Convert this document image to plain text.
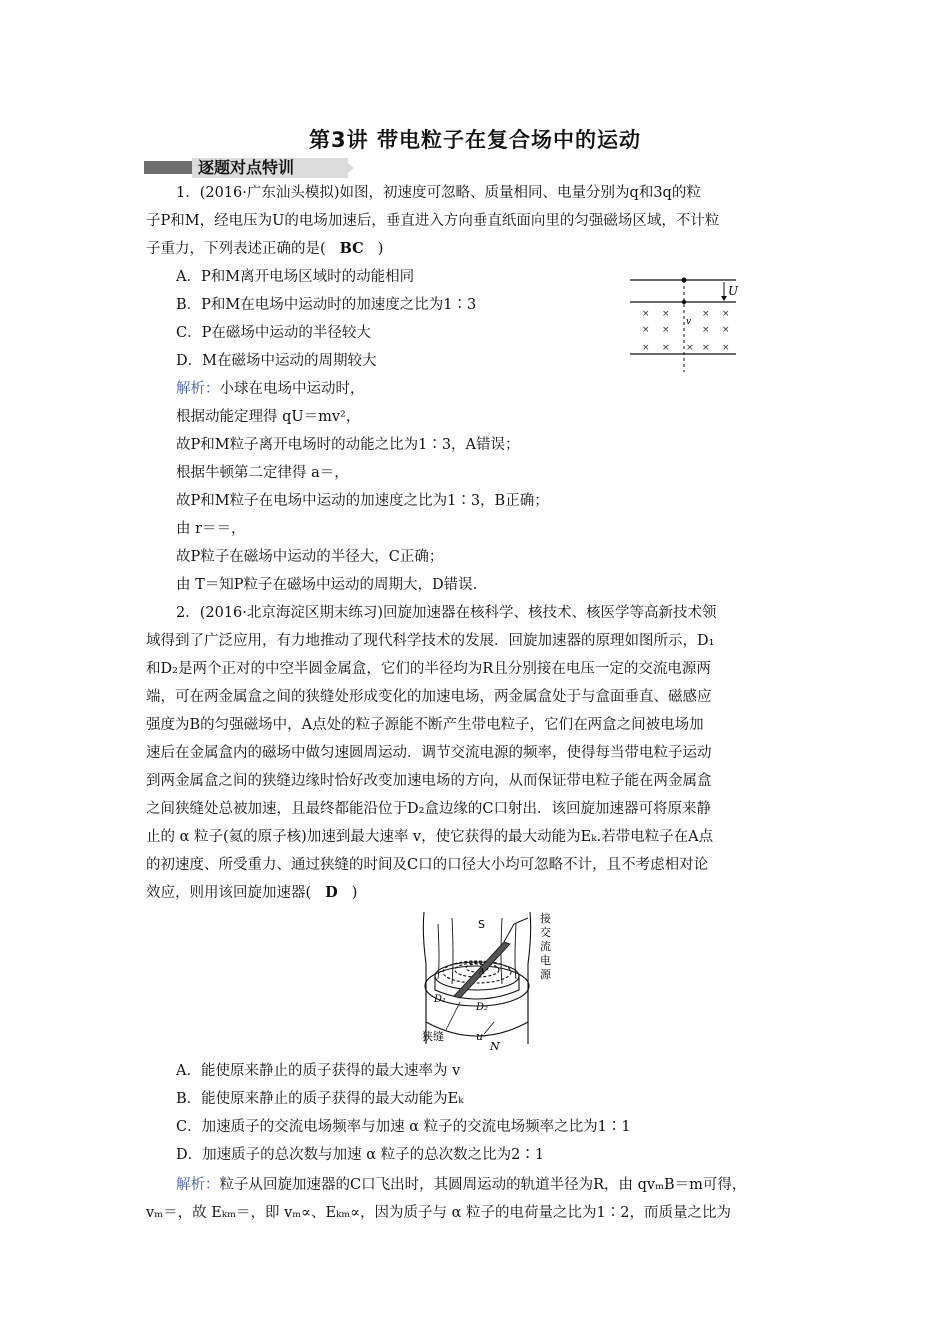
第3讲 带电粒子在复合场中的运动
逐题对点特训
1．(2016·广东汕头模拟)如图，初速度可忽略、质量相同、电量分别为q和3q的粒
子P和M，经电压为U的电场加速后，垂直进入方向垂直纸面向里的匀强磁场区域，不计粒
子重力，下列表述正确的是( BC )
A．P和M离开电场区域时的动能相同
B．P和M在电场中运动时的加速度之比为1∶3
C．P在磁场中运动的半径较大
D．M在磁场中运动的周期较大
解析：小球在电场中运动时，
根据动能定理得 qU＝mv²，
故P和M粒子离开电场时的动能之比为1∶3，A错误；
根据牛顿第二定律得 a＝，
故P和M粒子在电场中运动的加速度之比为1∶3，B正确；
由 r＝＝，
故P粒子在磁场中运动的半径大，C正确；
由 T＝知P粒子在磁场中运动的周期大，D错误.
U
v
× ×	× ×
× ×	× ×
× × × × ×
2．(2016·北京海淀区期末练习)回旋加速器在核科学、核技术、核医学等高新技术领
域得到了广泛应用，有力地推动了现代科学技术的发展．回旋加速器的原理如图所示，D₁
和D₂是两个正对的中空半圆金属盒，它们的半径均为R且分别接在电压一定的交流电源两
端，可在两金属盒之间的狭缝处形成变化的加速电场，两金属盒处于与盒面垂直、磁感应
强度为B的匀强磁场中，A点处的粒子源能不断产生带电粒子，它们在两盒之间被电场加
速后在金属盒内的磁场中做匀速圆周运动．调节交流电源的频率，使得每当带电粒子运动
到两金属盒之间的狭缝边缘时恰好改变加速电场的方向，从而保证带电粒子能在两金属盒
之间狭缝处总被加速，且最终都能沿位于D₂盒边缘的C口射出．该回旋加速器可将原来静
止的 α 粒子(氦的原子核)加速到最大速率 v，使它获得的最大动能为Eₖ.若带电粒子在A点
的初速度、所受重力、通过狭缝的时间及C口的口径大小均可忽略不计，且不考虑相对论
效应，则用该回旋加速器( D )
S	接
交
流
电
源
D₁
D₂
A
狭缝	u
N
A．能使原来静止的质子获得的最大速率为 v
B．能使原来静止的质子获得的最大动能为Eₖ
C．加速质子的交流电场频率与加速 α 粒子的交流电场频率之比为1∶1
D．加速质子的总次数与加速 α 粒子的总次数之比为2∶1
解析：粒子从回旋加速器的C口飞出时，其圆周运动的轨道半径为R，由 qvₘB＝m可得，
vₘ＝，故 Eₖₘ＝，即 vₘ∝、Eₖₘ∝，因为质子与 α 粒子的电荷量之比为1∶2，而质量之比为
